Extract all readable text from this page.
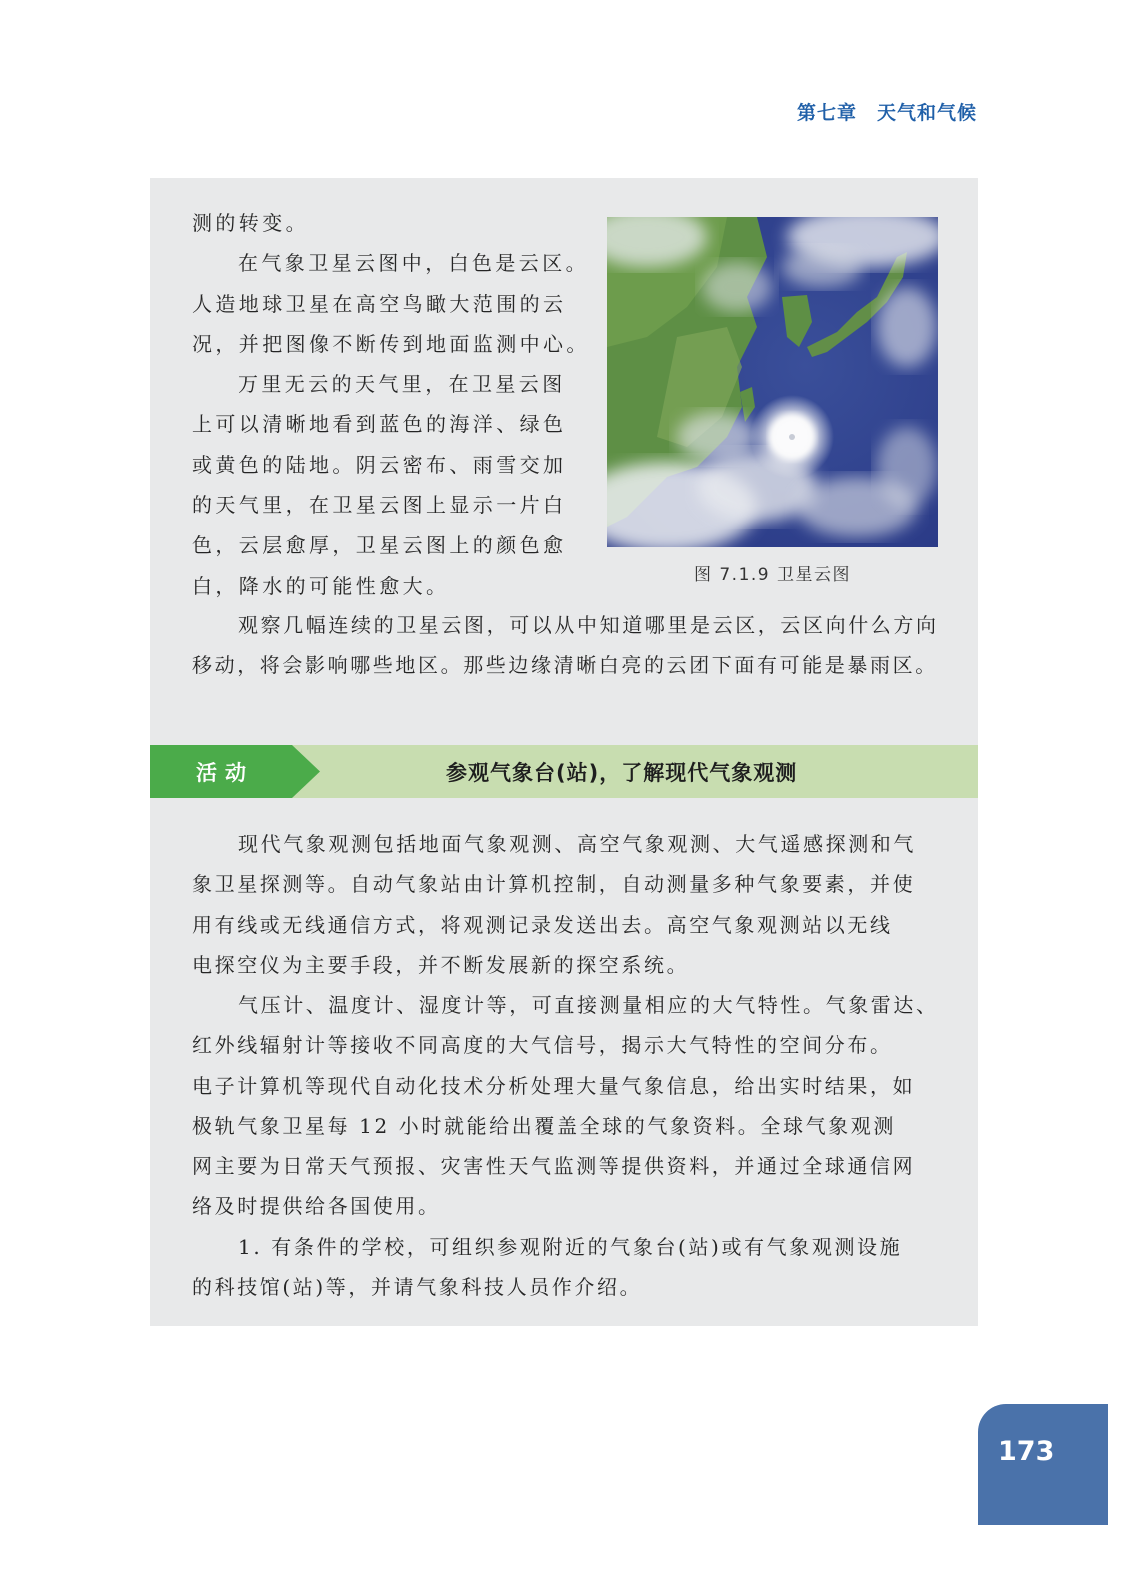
第七章 天气和气候
测的转变。
在气象卫星云图中，白色是云区。
人造地球卫星在高空鸟瞰大范围的云
况，并把图像不断传到地面监测中心。
万里无云的天气里，在卫星云图
上可以清晰地看到蓝色的海洋、绿色
或黄色的陆地。阴云密布、雨雪交加
的天气里，在卫星云图上显示一片白
色，云层愈厚，卫星云图上的颜色愈
白，降水的可能性愈大。	图 7.1.9 卫星云图
观察几幅连续的卫星云图，可以从中知道哪里是云区，云区向什么方向
移动，将会影响哪些地区。那些边缘清晰白亮的云团下面有可能是暴雨区。
活动	参观气象台(站)，了解现代气象观测
现代气象观测包括地面气象观测、高空气象观测、大气遥感探测和气
象卫星探测等。自动气象站由计算机控制，自动测量多种气象要素，并使
用有线或无线通信方式，将观测记录发送出去。高空气象观测站以无线
电探空仪为主要手段，并不断发展新的探空系统。
气压计、温度计、湿度计等，可直接测量相应的大气特性。气象雷达、
红外线辐射计等接收不同高度的大气信号，揭示大气特性的空间分布。
电子计算机等现代自动化技术分析处理大量气象信息，给出实时结果，如
极轨气象卫星每 12 小时就能给出覆盖全球的气象资料。全球气象观测
网主要为日常天气预报、灾害性天气监测等提供资料，并通过全球通信网
络及时提供给各国使用。
1. 有条件的学校，可组织参观附近的气象台(站)或有气象观测设施
的科技馆(站)等，并请气象科技人员作介绍。
173
